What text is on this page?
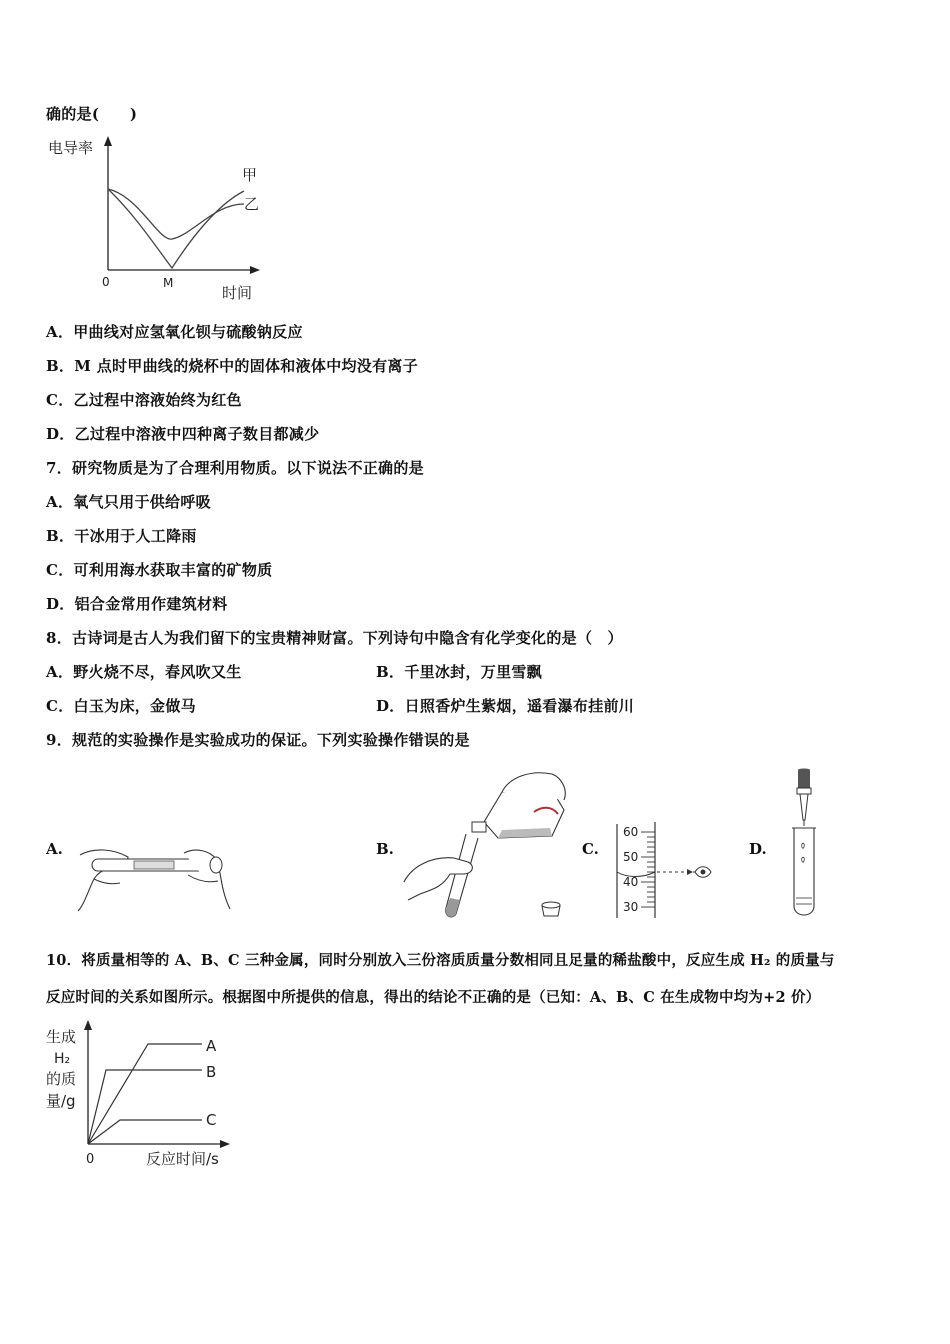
确的是(　　)
电导率
甲
乙
0	M
时间
A．甲曲线对应氢氧化钡与硫酸钠反应
B．M 点时甲曲线的烧杯中的固体和液体中均没有离子
C．乙过程中溶液始终为红色
D．乙过程中溶液中四种离子数目都减少
7．研究物质是为了合理利用物质。以下说法不正确的是
A．氧气只用于供给呼吸
B．干冰用于人工降雨
C．可利用海水获取丰富的矿物质
D．铝合金常用作建筑材料
8．古诗词是古人为我们留下的宝贵精神财富。下列诗句中隐含有化学变化的是（　）
A．野火烧不尽，春风吹又生	B．千里冰封，万里雪飘
C．白玉为床，金做马	D．日照香炉生紫烟，遥看瀑布挂前川
9．规范的实验操作是实验成功的保证。下列实验操作错误的是
A.	B.	C.
60
50
40
30
D.
10．将质量相等的 A、B、C 三种金属，同时分别放入三份溶质质量分数相同且足量的稀盐酸中，反应生成 H₂ 的质量与
反应时间的关系如图所示。根据图中所提供的信息，得出的结论不正确的是（已知：A、B、C 在生成物中均为+2 价）
生成
H₂
的质
量/g
A
B
C
0	反应时间/s
